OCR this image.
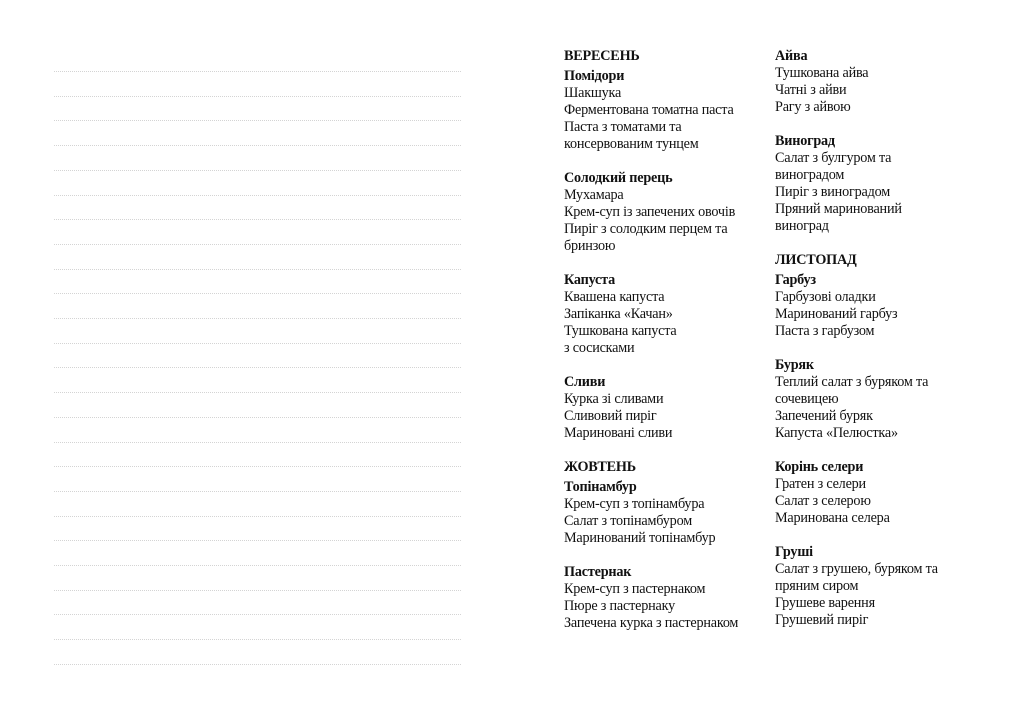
ВЕРЕСЕНЬ
Помідори
Шакшука
Ферментована томатна паста
Паста з томатами та
консервованим тунцем
Солодкий перець
Мухамара
Крем-суп із запечених овочів
Пиріг з солодким перцем та
бринзою
Капуста
Квашена капуста
Запіканка «Качан»
Тушкована капуста
з сосисками
Сливи
Курка зі сливами
Сливовий пиріг
Мариновані сливи
ЖОВТЕНЬ
Топінамбур
Крем-суп з топінамбура
Салат з топінамбуром
Маринований топінамбур
Пастернак
Крем-суп з пастернаком
Пюре з пастернаку
Запечена курка з пастернаком
Айва
Тушкована айва
Чатні з айви
Рагу з айвою
Виноград
Салат з булгуром та
виноградом
Пиріг з виноградом
Пряний маринований
виноград
ЛИСТОПАД
Гарбуз
Гарбузові оладки
Маринований гарбуз
Паста з гарбузом
Буряк
Теплий салат з буряком та
сочевицею
Запечений буряк
Капуста «Пелюстка»
Корінь селери
Гратен з селери
Салат з селерою
Маринована селера
Груші
Салат з грушею, буряком та
пряним сиром
Грушеве варення
Грушевий пиріг
